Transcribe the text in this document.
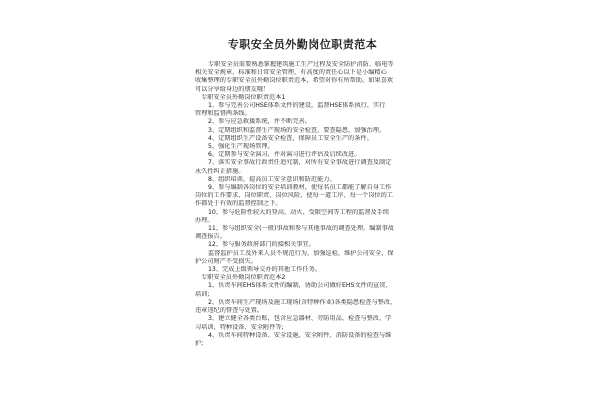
专职安全员外勤岗位职责范本
专职安全员需要熟悉掌握建筑施工生产过程及安全防护消防、临电等
相关安全规章、标准和日常安全管理，有高度的责任心以下是小编精心
收集整理的专职安全员外勤岗位职责范本，希望对你有所帮助。如果喜欢
可以分享给身边的朋友哦！
专职安全员外勤岗位职责范本1
1、参与完善公司HSE体系文件的建设，监督HSE体系执行，实行
管理和监督两条线。
2、参与应急救援系统，并不断完善。
3、定期组织和监督生产现场的安全检查，要查隐患，加强治理。
4、定期组织生产设备安全检查，保障员工安全生产的条件。
5、强化生产现场管理。
6、定期参与安全演习，并对演习进行评估及启续改进。
7、落实安全事故行政责任追究制，对所有安全事故进行调查及制定
永久性纠正措施。
8、组织培训，提高员工安全意识和防范能力。
9、参与编制各岗位的安全培训教材，使每名员工都能了解自身工作
岗位的工作要求、岗位职责、岗位风险，使每一道工序、每一个岗位的工
作都处于有效的监督控制之下。
10、参与危险性较大的登高、动火、受限空间等工程的监督及手续
办理。
11、参与组织安全(一般)事故和参与其他事故的调查处理，编制事故
调查报告。
12、参与服务政府部门的接相关事宜。
监督监护员工及外来人员不规范行为，加强巡检，维护公司安全，保
护公司财产不受损失。
13、完成上级领导交办的其他工作任务。
专职安全员外勤岗位职责范本2
1、负责车间EHS体系文件的编制，协助公司做好EHS文件的宣贯、
培训;
2、负责车间生产现场及施工现场(含特种作业)各类隐患检查与整改、
违章违纪的督查与处置。
3、建立健全各类台账，包含应急器材、劳防用品、检查与整改、学
习培训、特种设备、安全附件等;
4、负责车间特种设备、安全设施、安全附件、消防设备的检查与维
护;
